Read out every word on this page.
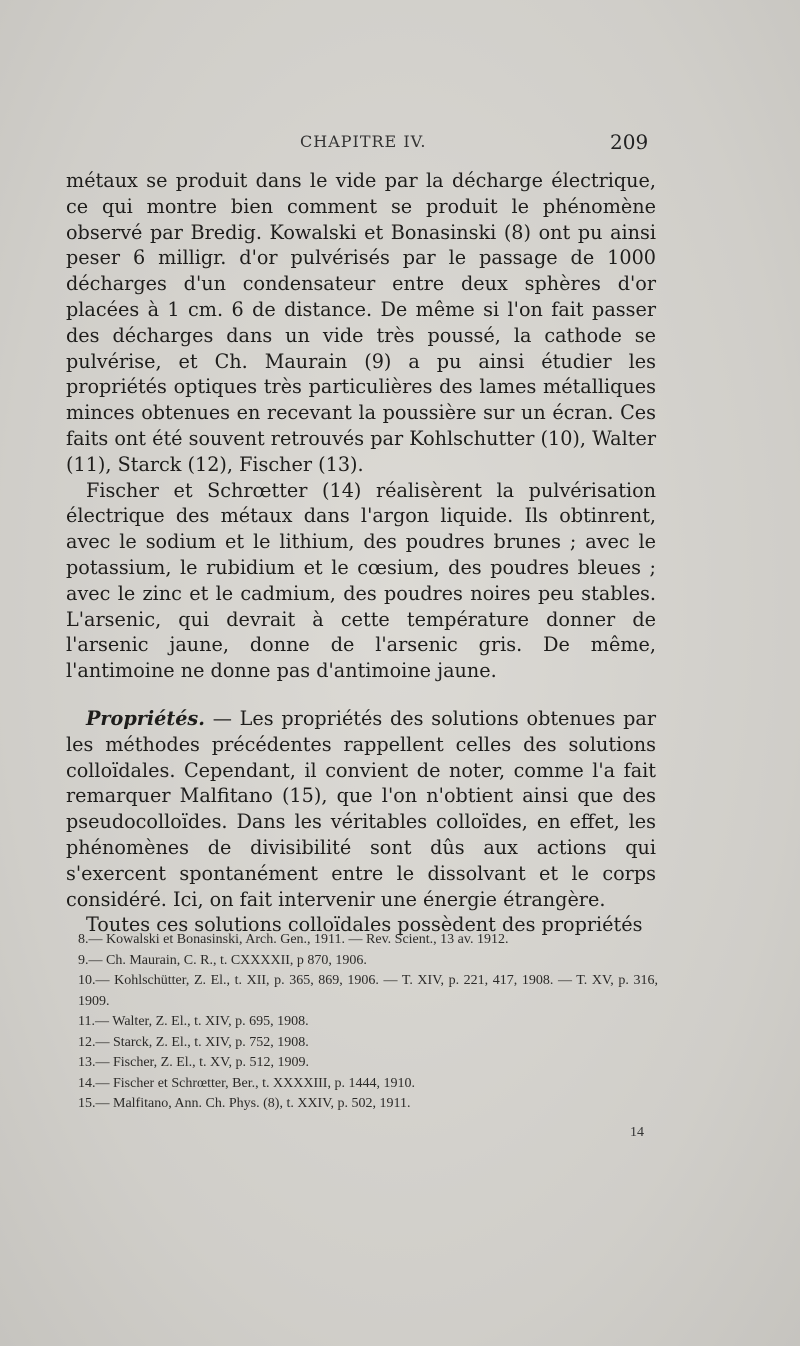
CHAPITRE IV.	209

métaux se produit dans le vide par la décharge électrique, ce qui montre bien comment se produit le phénomène observé par Bredig. Kowalski et Bonasinski (8) ont pu ainsi peser 6 milligr. d'or pulvérisés par le passage de 1000 décharges d'un condensateur entre deux sphères d'or placées à 1 cm. 6 de distance. De même si l'on fait passer des décharges dans un vide très poussé, la cathode se pulvérise, et Ch. Maurain (9) a pu ainsi étudier les propriétés optiques très particulières des lames métalliques minces obtenues en recevant la poussière sur un écran. Ces faits ont été souvent retrouvés par Kohlschutter (10), Walter (11), Starck (12), Fischer (13).

Fischer et Schrœtter (14) réalisèrent la pulvérisation électrique des métaux dans l'argon liquide. Ils obtinrent, avec le sodium et le lithium, des poudres brunes ; avec le potassium, le rubidium et le cœsium, des poudres bleues ; avec le zinc et le cadmium, des poudres noires peu stables. L'arsenic, qui devrait à cette température donner de l'arsenic jaune, donne de l'arsenic gris. De même, l'antimoine ne donne pas d'antimoine jaune.

Propriétés. — Les propriétés des solutions obtenues par les méthodes précédentes rappellent celles des solutions colloïdales. Cependant, il convient de noter, comme l'a fait remarquer Malfitano (15), que l'on n'obtient ainsi que des pseudocolloïdes. Dans les véritables colloïdes, en effet, les phénomènes de divisibilité sont dûs aux actions qui s'exercent spontanément entre le dissolvant et le corps considéré. Ici, on fait intervenir une énergie étrangère.

Toutes ces solutions colloïdales possèdent des propriétés

8.— Kowalski et Bonasinski, Arch. Gen., 1911. — Rev. Scient., 13 av. 1912.

9.— Ch. Maurain, C. R., t. CXXXXII, p 870, 1906.

10.— Kohlschütter, Z. El., t. XII, p. 365, 869, 1906. — T. XIV, p. 221, 417, 1908. — T. XV, p. 316, 1909.

11.— Walter, Z. El., t. XIV, p. 695, 1908.

12.— Starck, Z. El., t. XIV, p. 752, 1908.

13.— Fischer, Z. El., t. XV, p. 512, 1909.

14.— Fischer et Schrœtter, Ber., t. XXXXIII, p. 1444, 1910.

15.— Malfitano, Ann. Ch. Phys. (8), t. XXIV, p. 502, 1911.

14
